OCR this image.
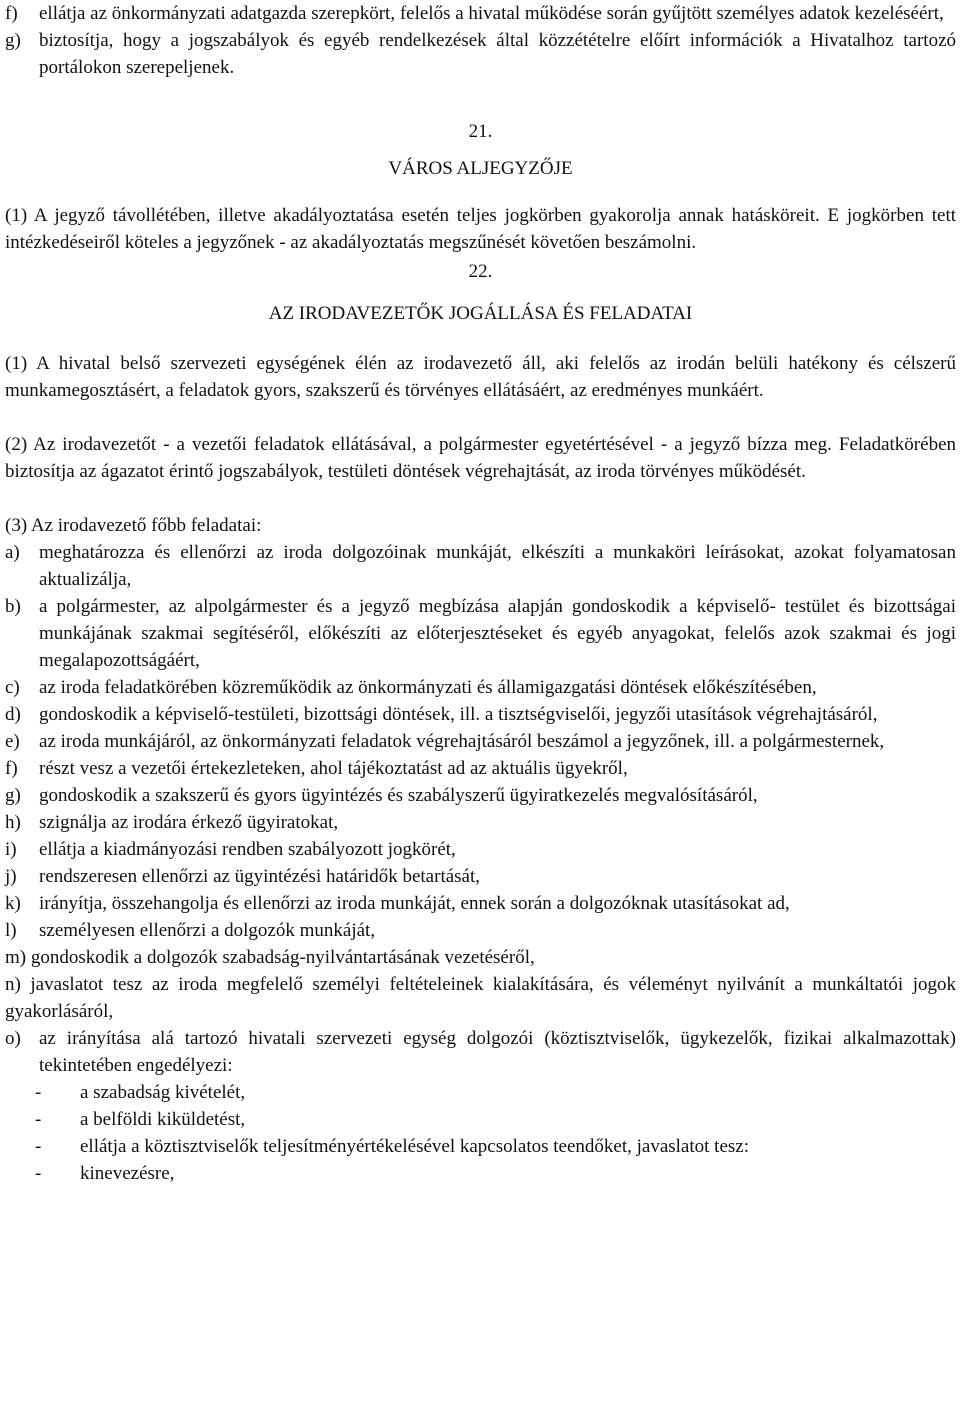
f)	ellátja az önkormányzati adatgazda szerepkört, felelős a hivatal működése során gyűjtött személyes adatok kezeléséért,
g) biztosítja, hogy a jogszabályok és egyéb rendelkezések által közzétételre előírt információk a Hivatalhoz tartozó portálokon szerepeljenek.
21.
VÁROS ALJEGYZŐJE
(1) A jegyző távollétében, illetve akadályoztatása esetén teljes jogkörben gyakorolja annak hatásköreit. E jogkörben tett intézkedéseiről köteles a jegyzőnek - az akadályoztatás megszűnését követően beszámolni.
22.
AZ IRODAVEZETŐK JOGÁLLÁSA ÉS FELADATAI
(1) A hivatal belső szervezeti egységének élén az irodavezető áll, aki felelős az irodán belüli hatékony és célszerű munkamegosztásért, a feladatok gyors, szakszerű és törvényes ellátásáért, az eredményes munkáért.
(2) Az irodavezetőt - a vezetői feladatok ellátásával, a polgármester egyetértésével - a jegyző bízza meg. Feladatkörében biztosítja az ágazatot érintő jogszabályok, testületi döntések végrehajtását, az iroda törvényes működését.
(3) Az irodavezető főbb feladatai:
a)	meghatározza és ellenőrzi az iroda dolgozóinak munkáját, elkészíti a munkaköri leírásokat, azokat folyamatosan aktualizálja,
b) a polgármester, az alpolgármester és a jegyző megbízása alapján gondoskodik a képviselő- testület és bizottságai munkájának szakmai segítéséről, előkészíti az előterjesztéseket és egyéb anyagokat, felelős azok szakmai és jogi megalapozottságáért,
c)	az iroda feladatkörében közreműködik az önkormányzati és államigazgatási döntések előkészítésében,
d) gondoskodik a képviselő-testületi, bizottsági döntések, ill. a tisztségviselői, jegyzői utasítások végrehajtásáról,
e)	az iroda munkájáról, az önkormányzati feladatok végrehajtásáról beszámol a jegyzőnek, ill. a polgármesternek,
f)	részt vesz a vezetői értekezleteken, ahol tájékoztatást ad az aktuális ügyekről,
g) gondoskodik a szakszerű és gyors ügyintézés és szabályszerű ügyiratkezelés megvalósításáról,
h) szignálja az irodára érkező ügyiratokat,
i)	ellátja a kiadmányozási rendben szabályozott jogkörét,
j)	rendszeresen ellenőrzi az ügyintézési határidők betartását,
k) irányítja, összehangolja és ellenőrzi az iroda munkáját, ennek során a dolgozóknak utasításokat ad,
l)	személyesen ellenőrzi a dolgozók munkáját,
m) gondoskodik a dolgozók szabadság-nyilvántartásának vezetéséről,
n) javaslatot tesz az iroda megfelelő személyi feltételeinek kialakítására, és véleményt nyilvánít a munkáltatói jogok gyakorlásáról,
o) az irányítása alá tartozó hivatali szervezeti egység dolgozói (köztisztviselők, ügykezelők, fizikai alkalmazottak) tekintetében engedélyezi:
-	a szabadság kivételét,
-	a belföldi kiküldetést,
-	ellátja a köztisztviselők teljesítményértékelésével kapcsolatos teendőket, javaslatot tesz:
-	kinevezésre,
